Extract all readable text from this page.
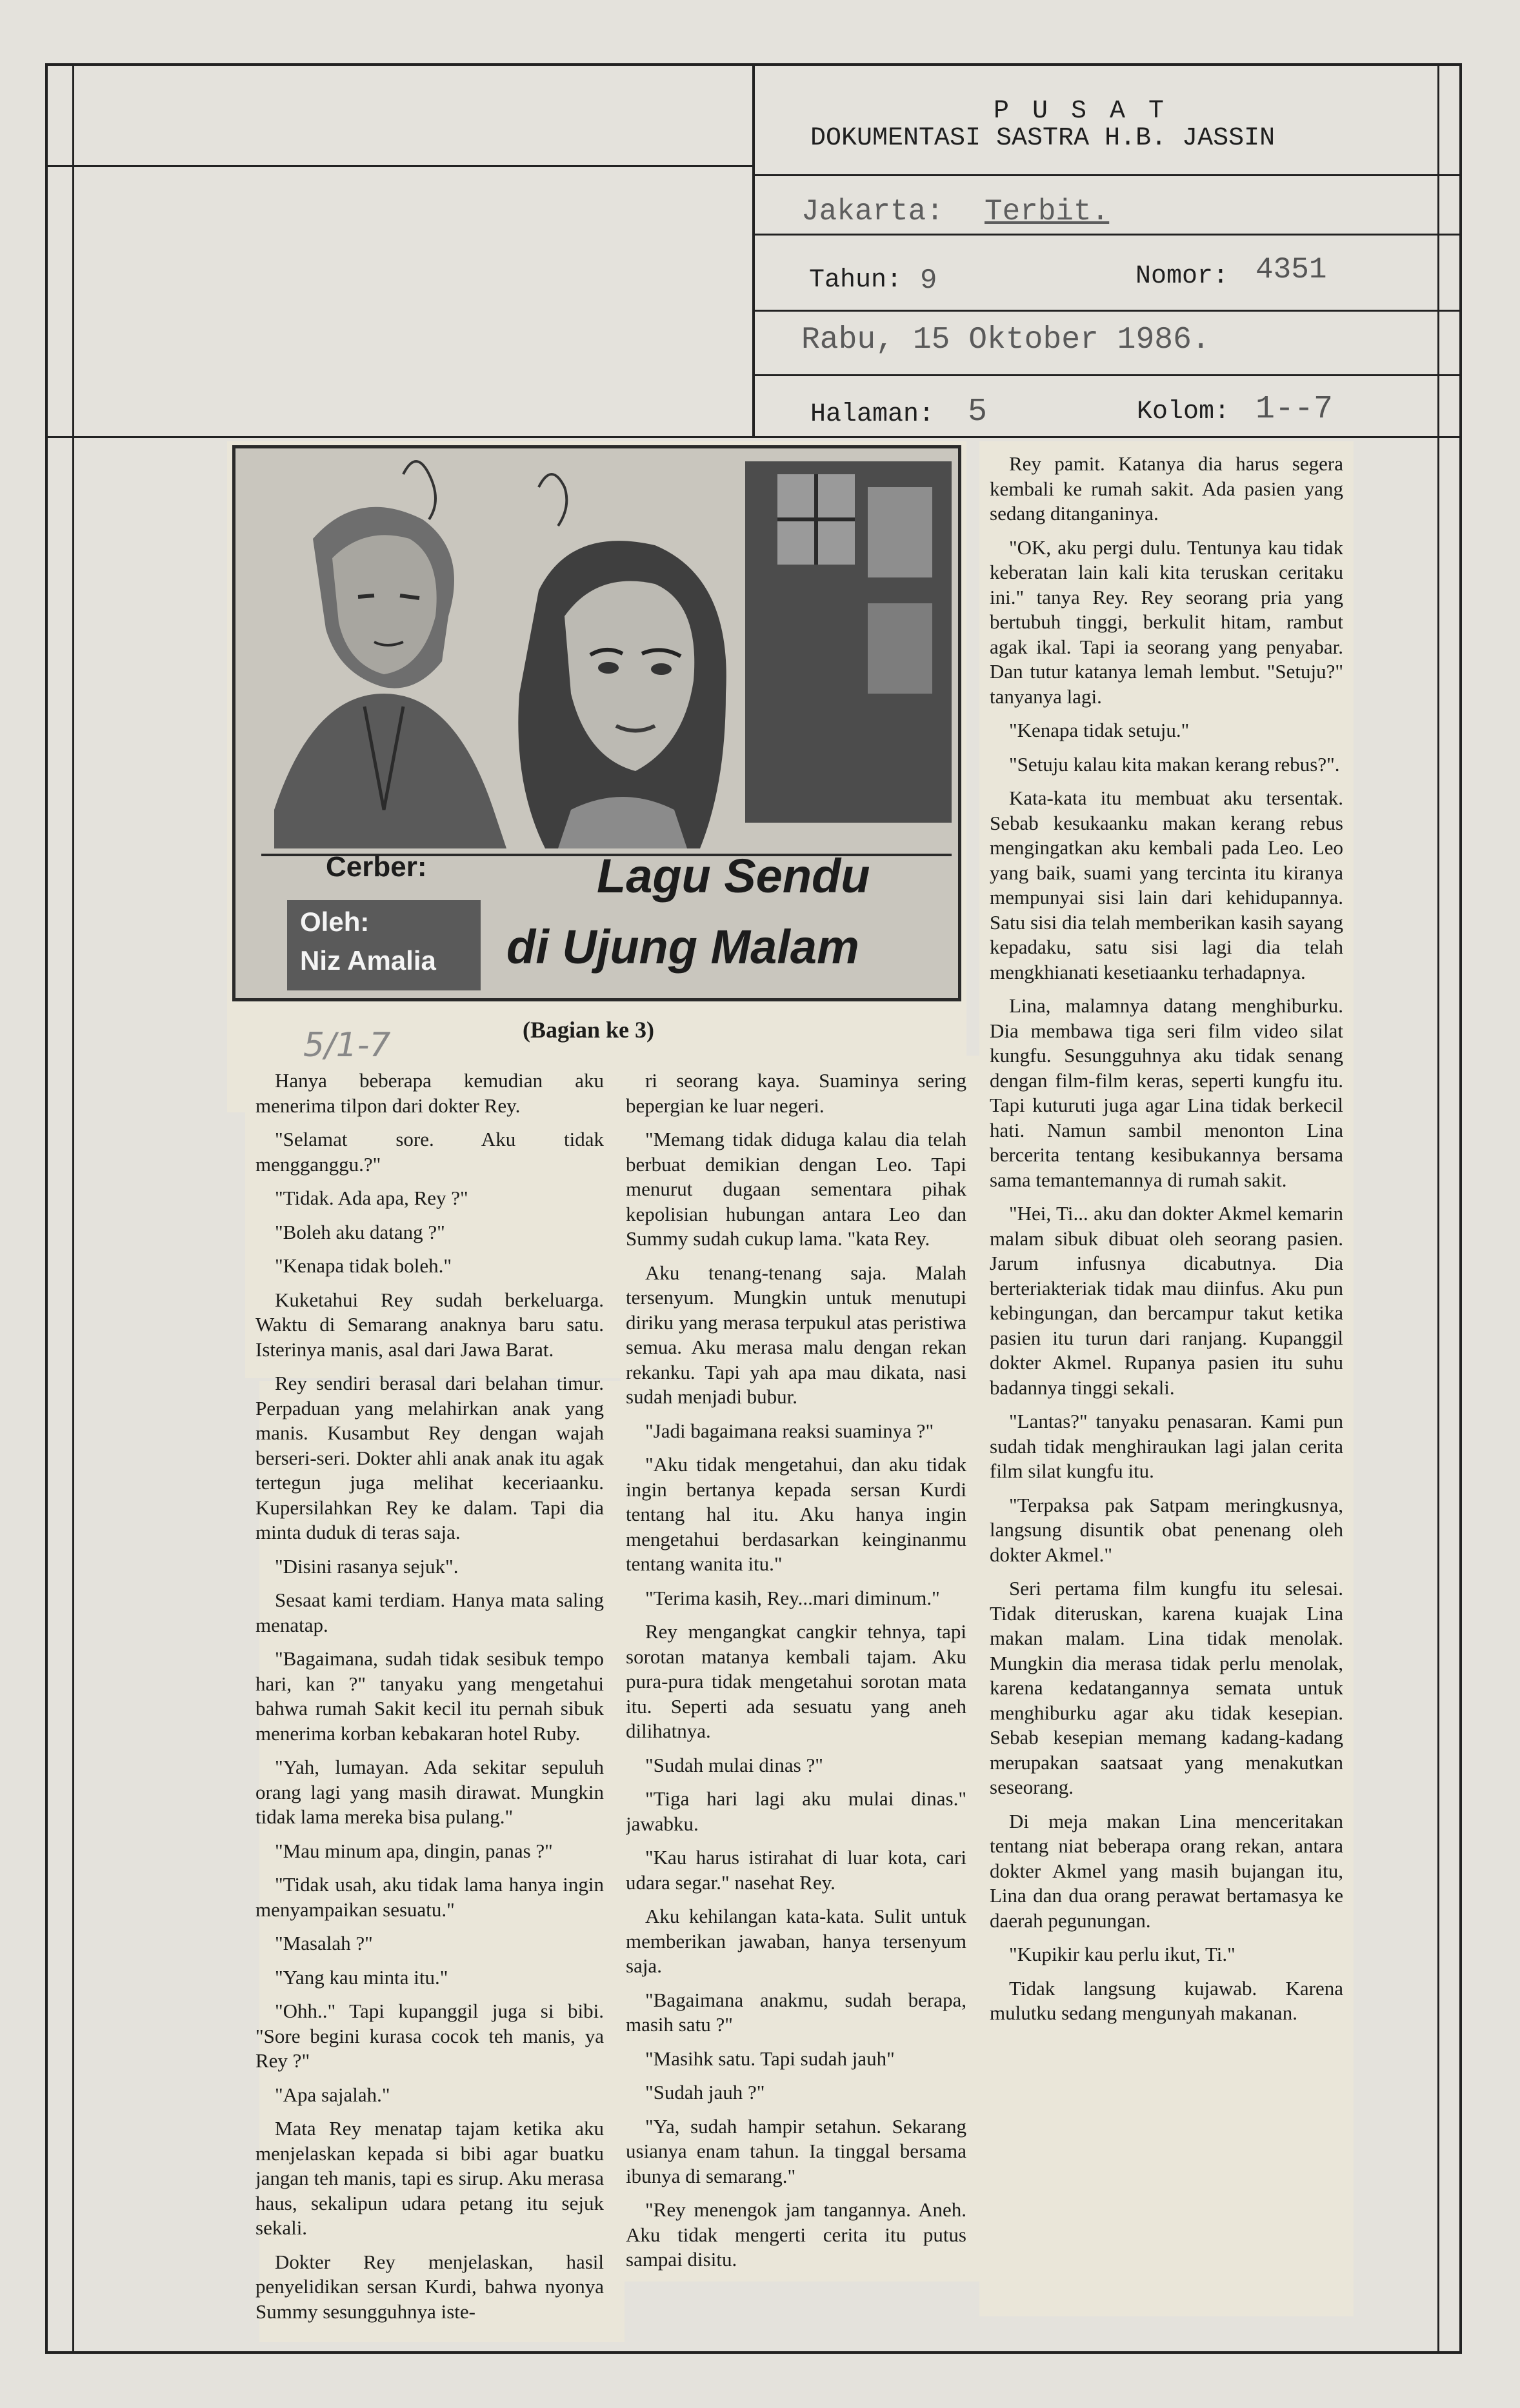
P U S A T
DOKUMENTASI SASTRA H.B. JASSIN
Jakarta: Terbit.
Tahun: 9	Nomor: 4351
Rabu, 15 Oktober 1986.
Halaman: 5	Kolom: 1--7
Cerber:
Oleh:
Niz Amalia
Lagu Sendu
di Ujung Malam
(Bagian ke 3)
5/1-7

Hanya beberapa kemudian aku menerima tilpon dari dokter Rey.

"Selamat sore. Aku tidak mengganggu.?"

"Tidak. Ada apa, Rey ?"

"Boleh aku datang ?"

"Kenapa tidak boleh."

Kuketahui Rey sudah berkeluarga. Waktu di Semarang anaknya baru satu. Isterinya manis, asal dari Jawa Barat.

Rey sendiri berasal dari belahan timur. Perpaduan yang melahirkan anak yang manis. Kusambut Rey dengan wajah berseri-seri. Dokter ahli anak anak itu agak tertegun juga melihat keceriaanku. Kupersilahkan Rey ke dalam. Tapi dia minta duduk di teras saja.

"Disini rasanya sejuk".

Sesaat kami terdiam. Hanya mata saling menatap.

"Bagaimana, sudah tidak sesibuk tempo hari, kan ?" tanyaku yang mengetahui bahwa rumah Sakit kecil itu pernah sibuk menerima korban kebakaran hotel Ruby.

"Yah, lumayan. Ada sekitar sepuluh orang lagi yang masih dirawat. Mungkin tidak lama mereka bisa pulang."

"Mau minum apa, dingin, panas ?"

"Tidak usah, aku tidak lama hanya ingin menyampaikan sesuatu."

"Masalah ?"

"Yang kau minta itu."

"Ohh.." Tapi kupanggil juga si bibi. "Sore begini kurasa cocok teh manis, ya Rey ?"

"Apa sajalah."

Mata Rey menatap tajam ketika aku menjelaskan kepada si bibi agar buatku jangan teh manis, tapi es sirup. Aku merasa haus, sekalipun udara petang itu sejuk sekali.

Dokter Rey menjelaskan, hasil penyelidikan sersan Kurdi, bahwa nyonya Summy sesungguhnya iste-

ri seorang kaya. Suaminya sering bepergian ke luar negeri.

"Memang tidak diduga kalau dia telah berbuat demikian dengan Leo. Tapi menurut dugaan sementara pihak kepolisian hubungan antara Leo dan Summy sudah cukup lama. "kata Rey.

Aku tenang-tenang saja. Malah tersenyum. Mungkin untuk menutupi diriku yang merasa terpukul atas peristiwa semua. Aku merasa malu dengan rekan rekanku. Tapi yah apa mau dikata, nasi sudah menjadi bubur.

"Jadi bagaimana reaksi suaminya ?"

"Aku tidak mengetahui, dan aku tidak ingin bertanya kepada sersan Kurdi tentang hal itu. Aku hanya ingin mengetahui berdasarkan keinginanmu tentang wanita itu."

"Terima kasih, Rey...mari diminum."

Rey mengangkat cangkir tehnya, tapi sorotan matanya kembali tajam. Aku pura-pura tidak mengetahui sorotan mata itu. Seperti ada sesuatu yang aneh dilihatnya.

"Sudah mulai dinas ?"

"Tiga hari lagi aku mulai dinas." jawabku.

"Kau harus istirahat di luar kota, cari udara segar." nasehat Rey.

Aku kehilangan kata-kata. Sulit untuk memberikan jawaban, hanya tersenyum saja.

"Bagaimana anakmu, sudah berapa, masih satu ?"

"Masihk satu. Tapi sudah jauh"

"Sudah jauh ?"

"Ya, sudah hampir setahun. Sekarang usianya enam tahun. Ia tinggal bersama ibunya di semarang."

"Rey menengok jam tangannya. Aneh. Aku tidak mengerti cerita itu putus sampai disitu.

Rey pamit. Katanya dia harus segera kembali ke rumah sakit. Ada pasien yang sedang ditanganinya.

"OK, aku pergi dulu. Tentunya kau tidak keberatan lain kali kita teruskan ceritaku ini." tanya Rey. Rey seorang pria yang bertubuh tinggi, berkulit hitam, rambut agak ikal. Tapi ia seorang yang penyabar. Dan tutur katanya lemah lembut. "Setuju?" tanyanya lagi.

"Kenapa tidak setuju."

"Setuju kalau kita makan kerang rebus?".

Kata-kata itu membuat aku tersentak. Sebab kesukaanku makan kerang rebus mengingatkan aku kembali pada Leo. Leo yang baik, suami yang tercinta itu kiranya mempunyai sisi lain dari kehidupannya. Satu sisi dia telah memberikan kasih sayang kepadaku, satu sisi lagi dia telah mengkhianati kesetiaanku terhadapnya.

Lina, malamnya datang menghiburku. Dia membawa tiga seri film video silat kungfu. Sesungguhnya aku tidak senang dengan film-film keras, seperti kungfu itu. Tapi kuturuti juga agar Lina tidak berkecil hati. Namun sambil menonton Lina bercerita tentang kesibukannya bersama sama temantemannya di rumah sakit.

"Hei, Ti... aku dan dokter Akmel kemarin malam sibuk dibuat oleh seorang pasien. Jarum infusnya dicabutnya. Dia berteriakteriak tidak mau diinfus. Aku pun kebingungan, dan bercampur takut ketika pasien itu turun dari ranjang. Kupanggil dokter Akmel. Rupanya pasien itu suhu badannya tinggi sekali.

"Lantas?" tanyaku penasaran. Kami pun sudah tidak menghiraukan lagi jalan cerita film silat kungfu itu.

"Terpaksa pak Satpam meringkusnya, langsung disuntik obat penenang oleh dokter Akmel."

Seri pertama film kungfu itu selesai. Tidak diteruskan, karena kuajak Lina makan malam. Lina tidak menolak. Mungkin dia merasa tidak perlu menolak, karena kedatangannya semata untuk menghiburku agar aku tidak kesepian. Sebab kesepian memang kadang-kadang merupakan saatsaat yang menakutkan seseorang.

Di meja makan Lina menceritakan tentang niat beberapa orang rekan, antara dokter Akmel yang masih bujangan itu, Lina dan dua orang perawat bertamasya ke daerah pegunungan.

"Kupikir kau perlu ikut, Ti."

Tidak langsung kujawab. Karena mulutku sedang mengunyah makanan.
